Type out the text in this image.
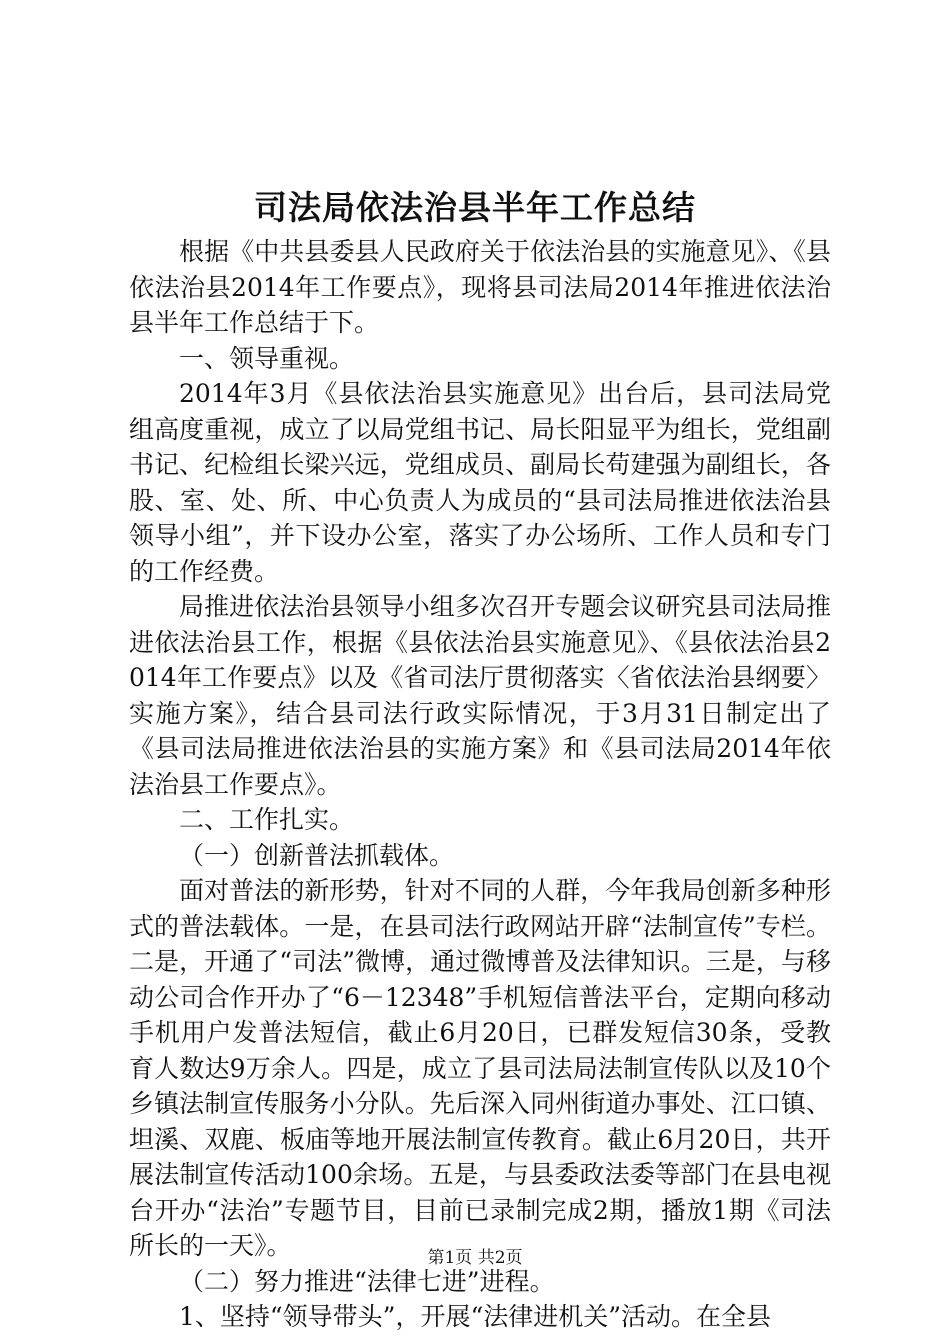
司法局依法治县半年工作总结

根据《中共县委县人民政府关于依法治县的实施意见》、《县依法治县2014年工作要点》，现将县司法局2014年推进依法治县半年工作总结于下。

一、领导重视。

2014年3月《县依法治县实施意见》出台后，县司法局党组高度重视，成立了以局党组书记、局长阳显平为组长，党组副书记、纪检组长梁兴远，党组成员、副局长苟建强为副组长，各股、室、处、所、中心负责人为成员的“县司法局推进依法治县领导小组”，并下设办公室，落实了办公场所、工作人员和专门的工作经费。

局推进依法治县领导小组多次召开专题会议研究县司法局推进依法治县工作，根据《县依法治县实施意见》、《县依法治县2014年工作要点》以及《省司法厅贯彻落实〈省依法治县纲要〉实施方案》，结合县司法行政实际情况，于3月31日制定出了《县司法局推进依法治县的实施方案》和《县司法局2014年依法治县工作要点》。

二、工作扎实。

（一）创新普法抓载体。

面对普法的新形势，针对不同的人群，今年我局创新多种形式的普法载体。一是，在县司法行政网站开辟“法制宣传”专栏。二是，开通了“司法”微博，通过微博普及法律知识。三是，与移动公司合作开办了“6－12348”手机短信普法平台，定期向移动手机用户发普法短信，截止6月20日，已群发短信30条，受教育人数达9万余人。四是，成立了县司法局法制宣传队以及10个乡镇法制宣传服务小分队。先后深入同州街道办事处、江口镇、坦溪、双鹿、板庙等地开展法制宣传教育。截止6月20日，共开展法制宣传活动100余场。五是，与县委政法委等部门在县电视台开办“法治”专题节目，目前已录制完成2期，播放1期《司法所长的一天》。

（二）努力推进“法律七进”进程。

1、坚持“领导带头”，开展“法律进机关”活动。在全县

第1页 共2页
